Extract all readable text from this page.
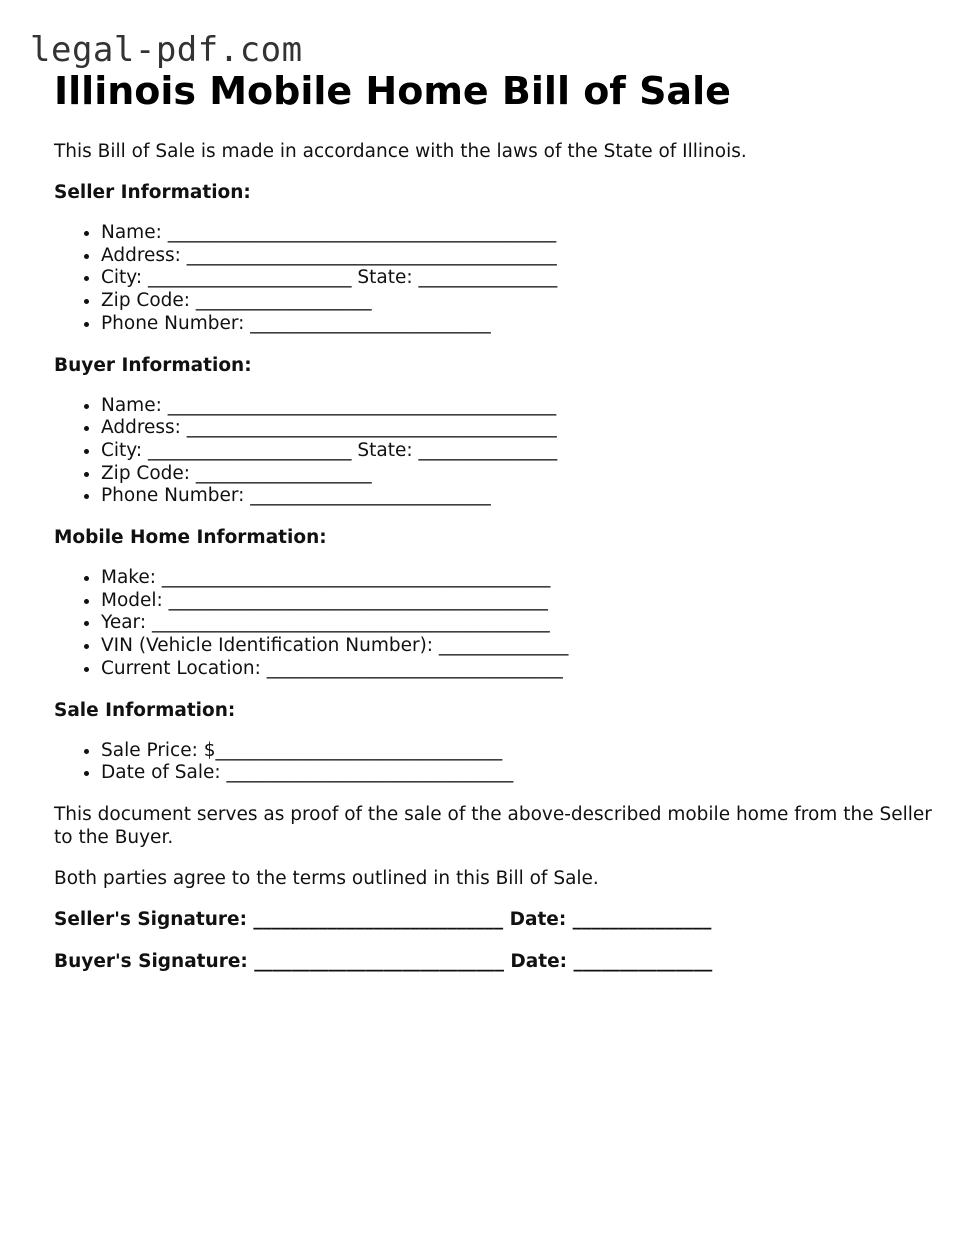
legal-pdf.com
Illinois Mobile Home Bill of Sale

This Bill of Sale is made in accordance with the laws of the State of Illinois.

Seller Information:
• Name: __________________________________________
• Address: ________________________________________
• City: ______________________ State: _______________
• Zip Code: ___________________
• Phone Number: __________________________
Buyer Information:
• Name: __________________________________________
• Address: ________________________________________
• City: ______________________ State: _______________
• Zip Code: ___________________
• Phone Number: __________________________
Mobile Home Information:
• Make: __________________________________________
• Model: _________________________________________
• Year: ___________________________________________
• VIN (Vehicle Identification Number): ______________
• Current Location: ________________________________
Sale Information:
• Sale Price: $_______________________________
• Date of Sale: _______________________________

This document serves as proof of the sale of the above-described mobile home from the Seller to the Buyer.

Both parties agree to the terms outlined in this Bill of Sale.

Seller's Signature: ___________________________ Date: _______________
Buyer's Signature: ___________________________ Date: _______________
